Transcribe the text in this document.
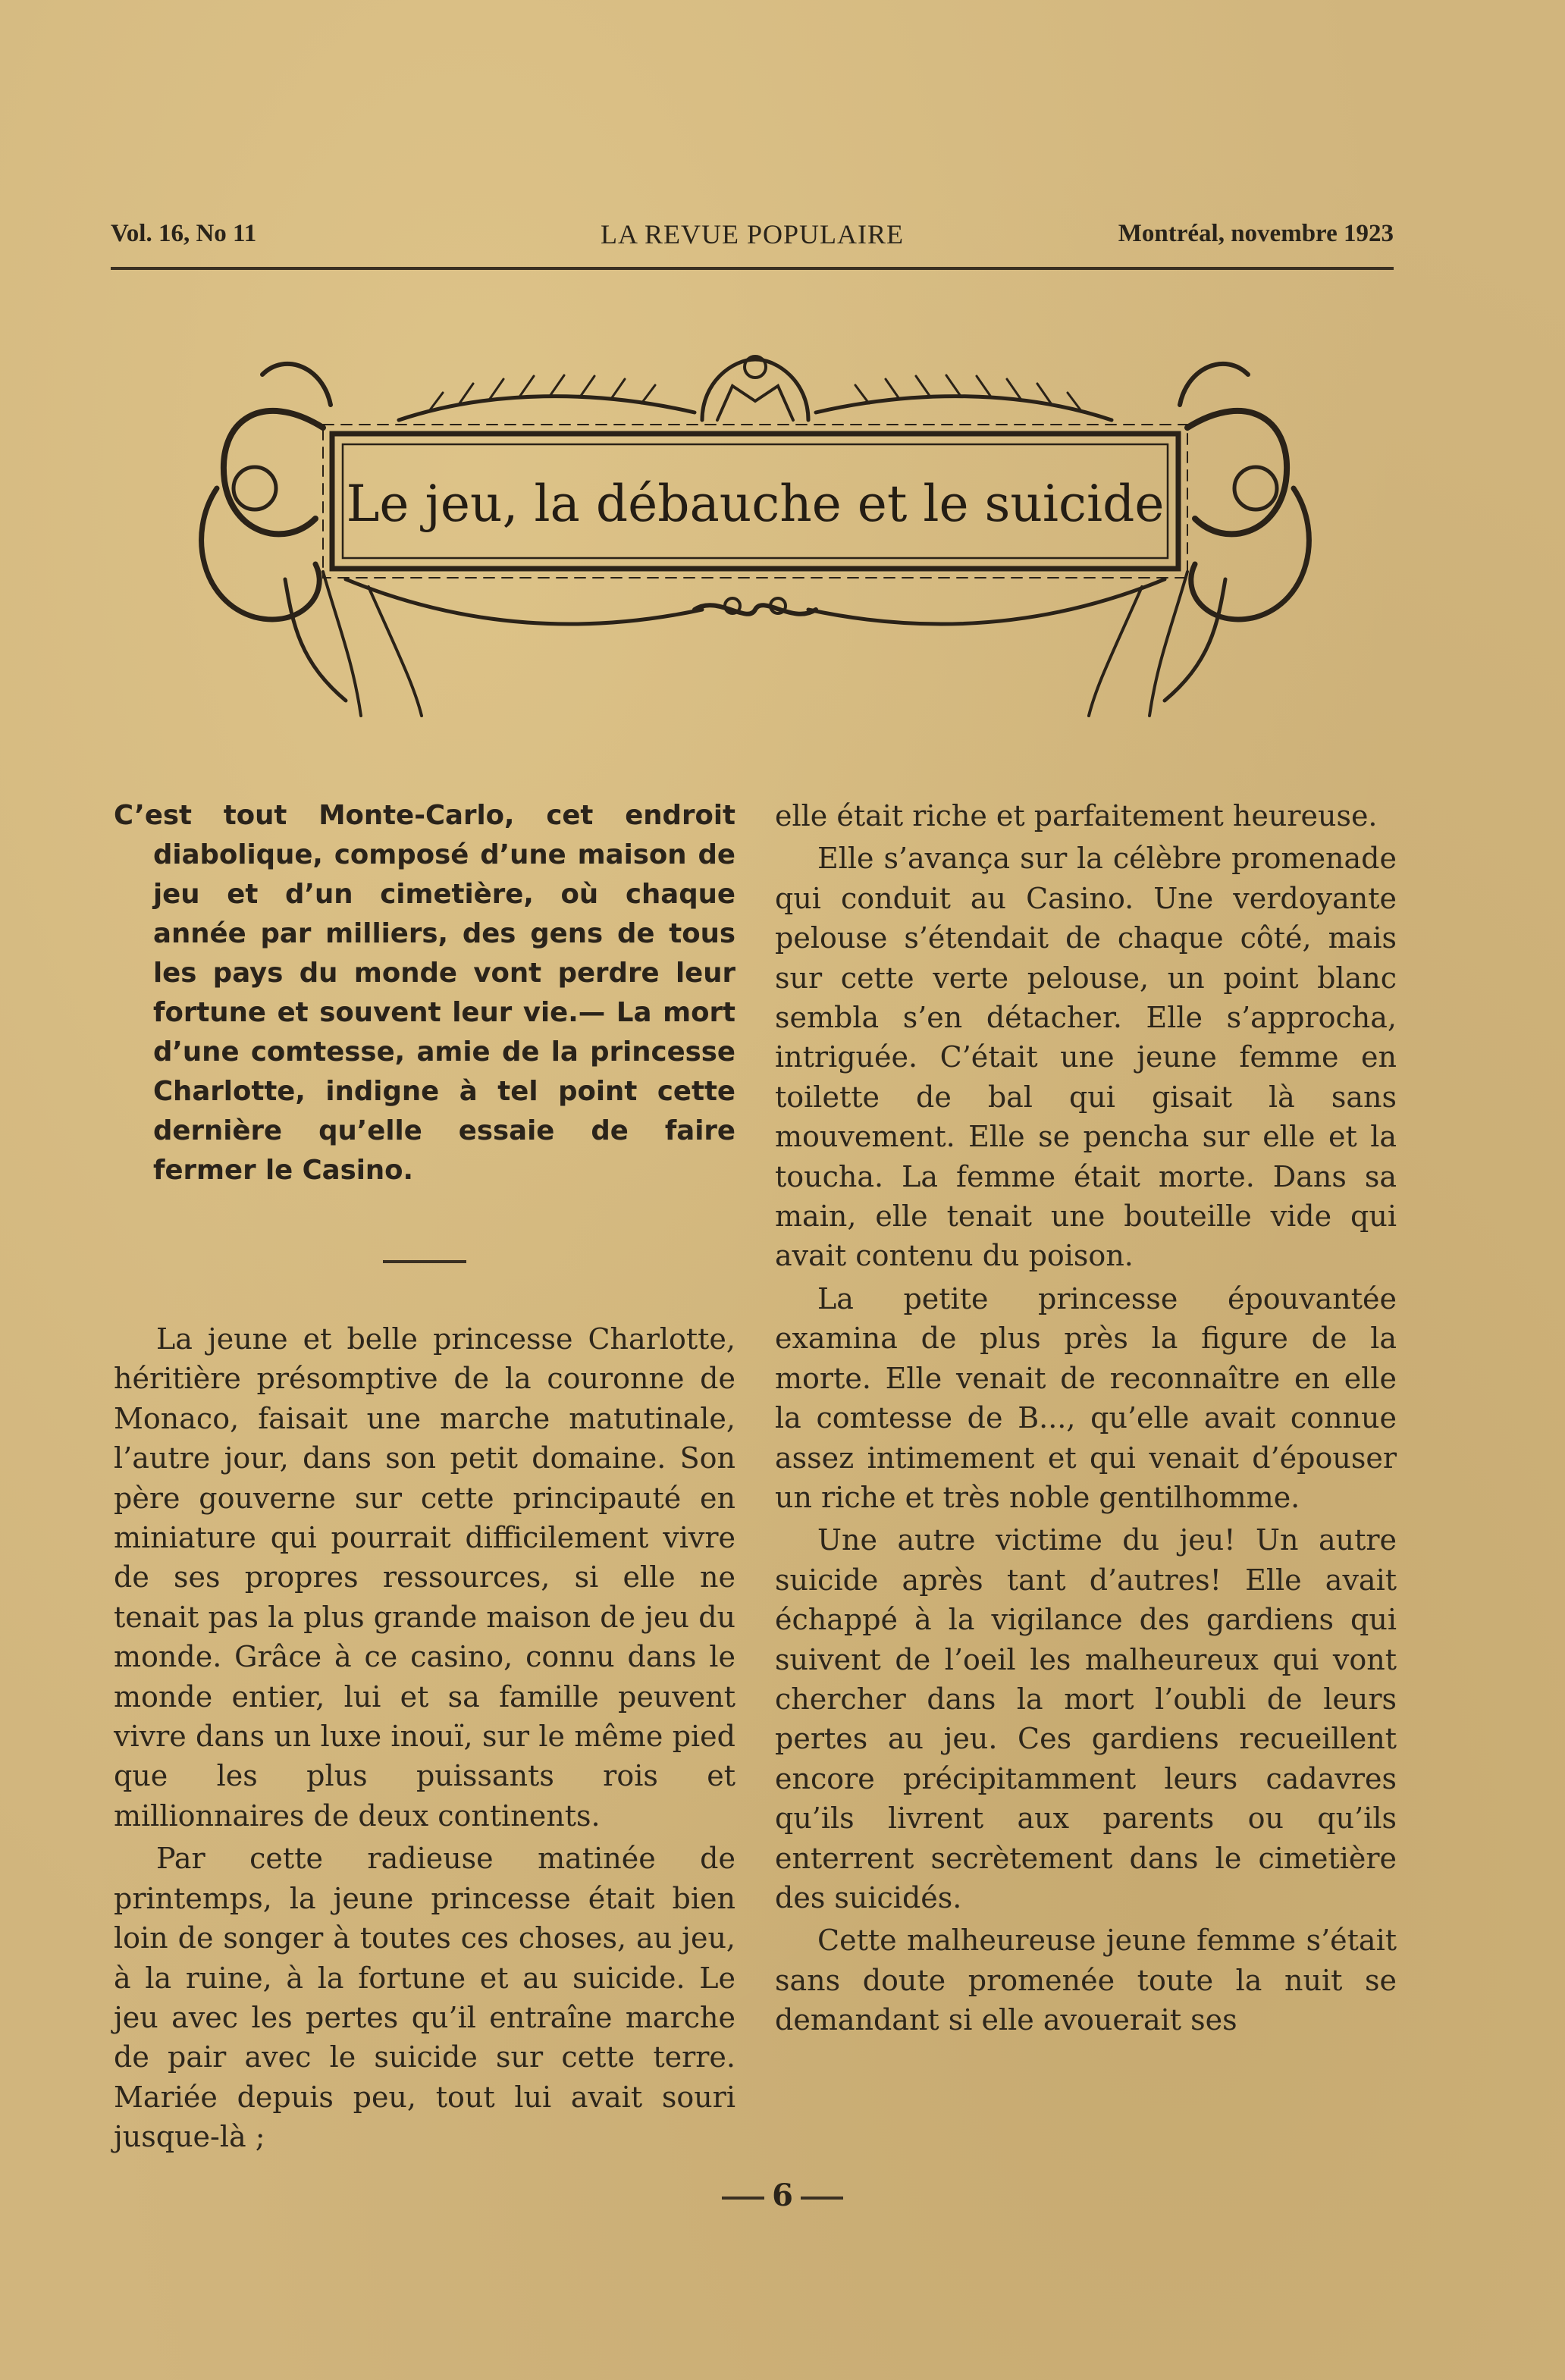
Vol. 16, No 11	LA REVUE POPULAIRE	Montréal, novembre 1923
Le jeu, la débauche et le suicide

C’est tout Monte-Carlo, cet endroit diabolique, composé d’une maison de jeu et d’un cimetière, où chaque année par milliers, des gens de tous les pays du monde vont perdre leur fortune et souvent leur vie.— La mort d’une comtesse, amie de la princesse Charlotte, indigne à tel point cette dernière qu’elle essaie de faire fermer le Casino.

La jeune et belle princesse Charlotte, héritière présomptive de la couronne de Monaco, faisait une marche matutinale, l’autre jour, dans son petit domaine. Son père gouverne sur cette principauté en miniature qui pourrait difficilement vivre de ses propres ressources, si elle ne tenait pas la plus grande maison de jeu du monde. Grâce à ce casino, connu dans le monde entier, lui et sa famille peuvent vivre dans un luxe inouï, sur le même pied que les plus puissants rois et millionnaires de deux continents.

Par cette radieuse matinée de printemps, la jeune princesse était bien loin de songer à toutes ces choses, au jeu, à la ruine, à la fortune et au suicide. Le jeu avec les pertes qu’il entraîne marche de pair avec le suicide sur cette terre. Mariée depuis peu, tout lui avait souri jusque-là ;

elle était riche et parfaitement heureuse.

Elle s’avança sur la célèbre promenade qui conduit au Casino. Une verdoyante pelouse s’étendait de chaque côté, mais sur cette verte pelouse, un point blanc sembla s’en détacher. Elle s’approcha, intriguée. C’était une jeune femme en toilette de bal qui gisait là sans mouvement. Elle se pencha sur elle et la toucha. La femme était morte. Dans sa main, elle tenait une bouteille vide qui avait contenu du poison.

La petite princesse épouvantée examina de plus près la figure de la morte. Elle venait de reconnaître en elle la comtesse de B..., qu’elle avait connue assez intimement et qui venait d’épouser un riche et très noble gentilhomme.

Une autre victime du jeu! Un autre suicide après tant d’autres! Elle avait échappé à la vigilance des gardiens qui suivent de l’oeil les malheureux qui vont chercher dans la mort l’oubli de leurs pertes au jeu. Ces gardiens recueillent encore précipitamment leurs cadavres qu’ils livrent aux parents ou qu’ils enterrent secrètement dans le cimetière des suicidés.

Cette malheureuse jeune femme s’était sans doute promenée toute la nuit se demandant si elle avouerait ses

6
